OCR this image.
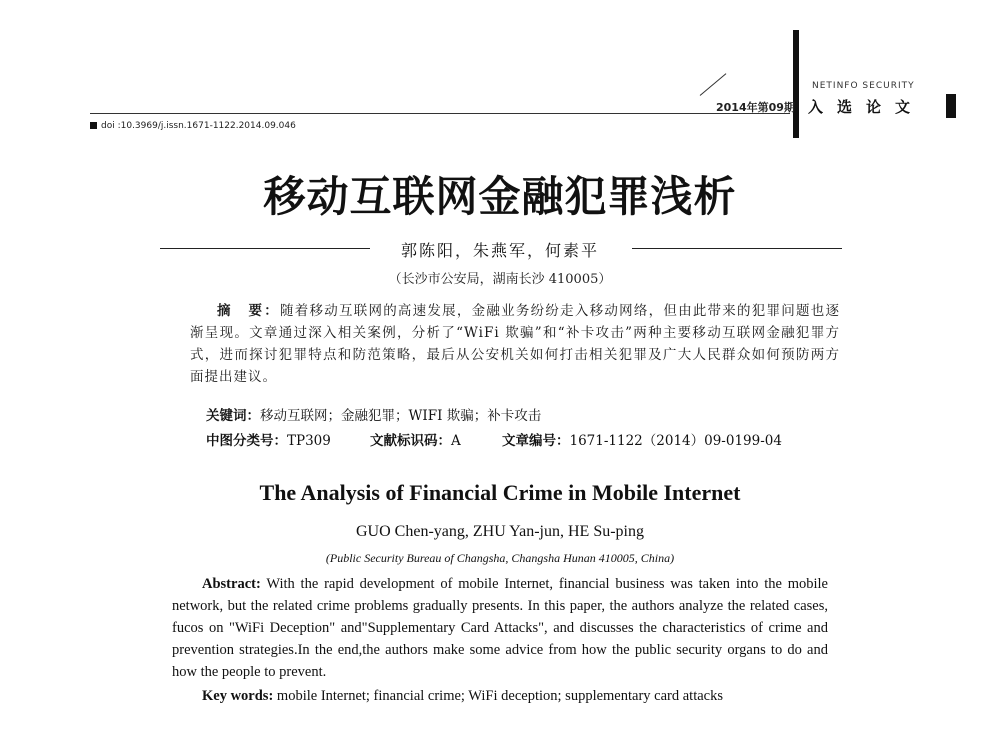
NETINFO SECURITY
2014年第09期 入选论文
doi :10.3969/j.issn.1671-1122.2014.09.046
移动互联网金融犯罪浅析
郭陈阳，朱燕军，何素平
（长沙市公安局，湖南长沙 410005）
摘　要：随着移动互联网的高速发展，金融业务纷纷走入移动网络，但由此带来的犯罪问题也逐渐呈现。文章通过深入相关案例，分析了“WiFi 欺骗”和“补卡攻击”两种主要移动互联网金融犯罪方式，进而探讨犯罪特点和防范策略，最后从公安机关如何打击相关犯罪及广大人民群众如何预防两方面提出建议。
关键词：移动互联网；金融犯罪；WIFI 欺骗；补卡攻击
中图分类号：TP309	文献标识码：A	文章编号：1671-1122（2014）09-0199-04
The Analysis of Financial Crime in Mobile Internet
GUO Chen-yang, ZHU Yan-jun, HE Su-ping
(Public Security Bureau of Changsha, Changsha Hunan 410005, China)
Abstract: With the rapid development of mobile Internet, financial business was taken into the mobile network, but the related crime problems gradually presents. In this paper, the authors analyze the related cases, fucos on "WiFi Deception" and"Supplementary Card Attacks", and discusses the characteristics of crime and prevention strategies.In the end,the authors make some advice from how the public security organs to do and how the people to prevent.
Key words: mobile Internet; financial crime; WiFi deception; supplementary card attacks
